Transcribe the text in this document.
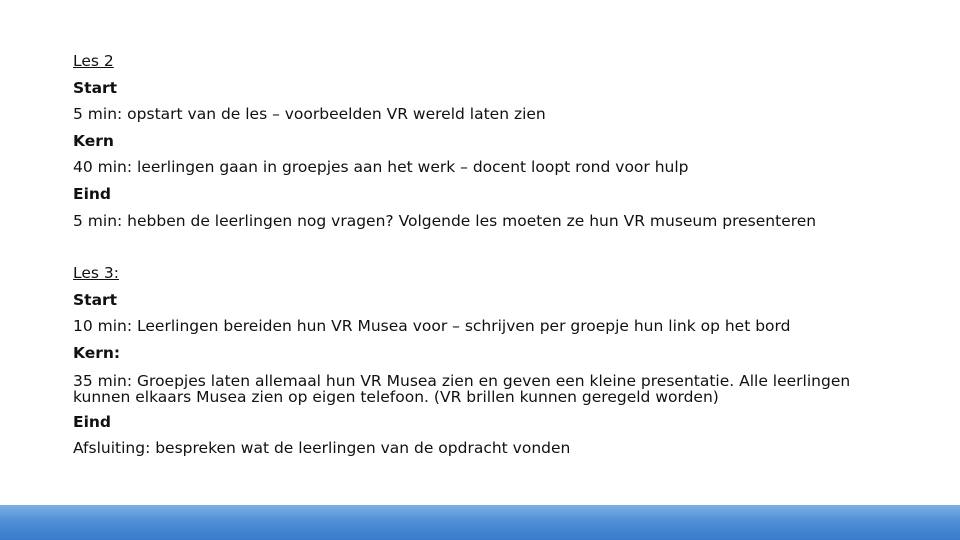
Les 2
Start
5 min: opstart van de les – voorbeelden VR wereld laten zien
Kern
40 min: leerlingen gaan in groepjes aan het werk – docent loopt rond voor hulp
Eind
5 min: hebben de leerlingen nog vragen? Volgende les moeten ze hun VR museum presenteren
Les 3:
Start
10 min: Leerlingen bereiden hun VR Musea voor – schrijven per groepje hun link op het bord
Kern:
35 min: Groepjes laten allemaal hun VR Musea zien en geven een kleine presentatie. Alle leerlingen kunnen elkaars Musea zien op eigen telefoon. (VR brillen kunnen geregeld worden)
Eind
Afsluiting: bespreken wat de leerlingen van de opdracht vonden
